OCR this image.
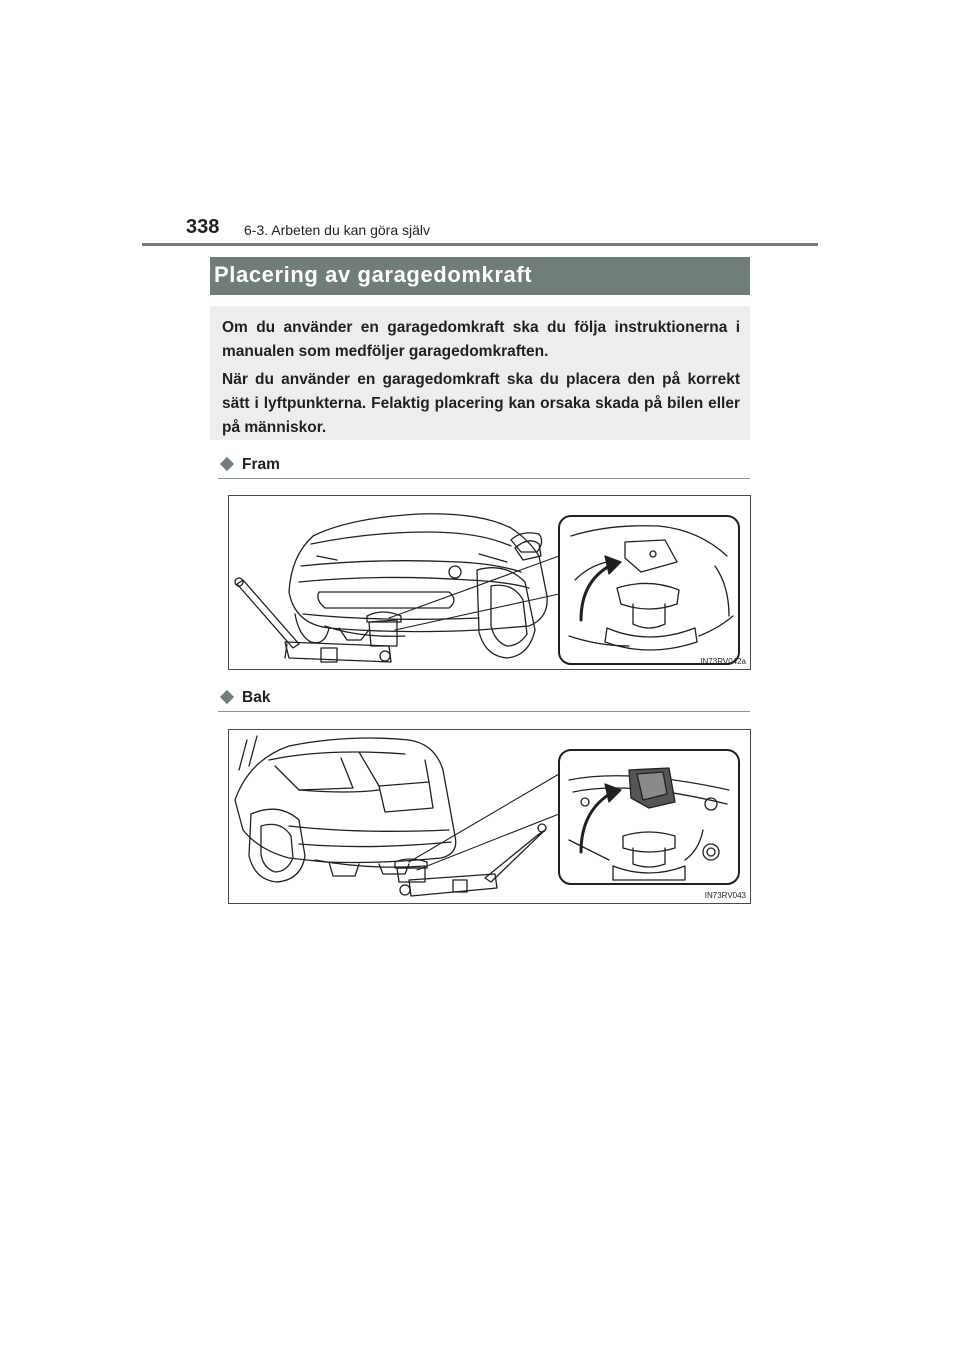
338 6-3. Arbeten du kan göra själv
Placering av garagedomkraft

Om du använder en garagedomkraft ska du följa instruktionerna i manualen som medföljer garagedomkraften.

När du använder en garagedomkraft ska du placera den på korrekt sätt i lyftpunkterna. Felaktig placering kan orsaka skada på bilen eller på människor.

Fram
IN73RV042a
Bak
IN73RV043
